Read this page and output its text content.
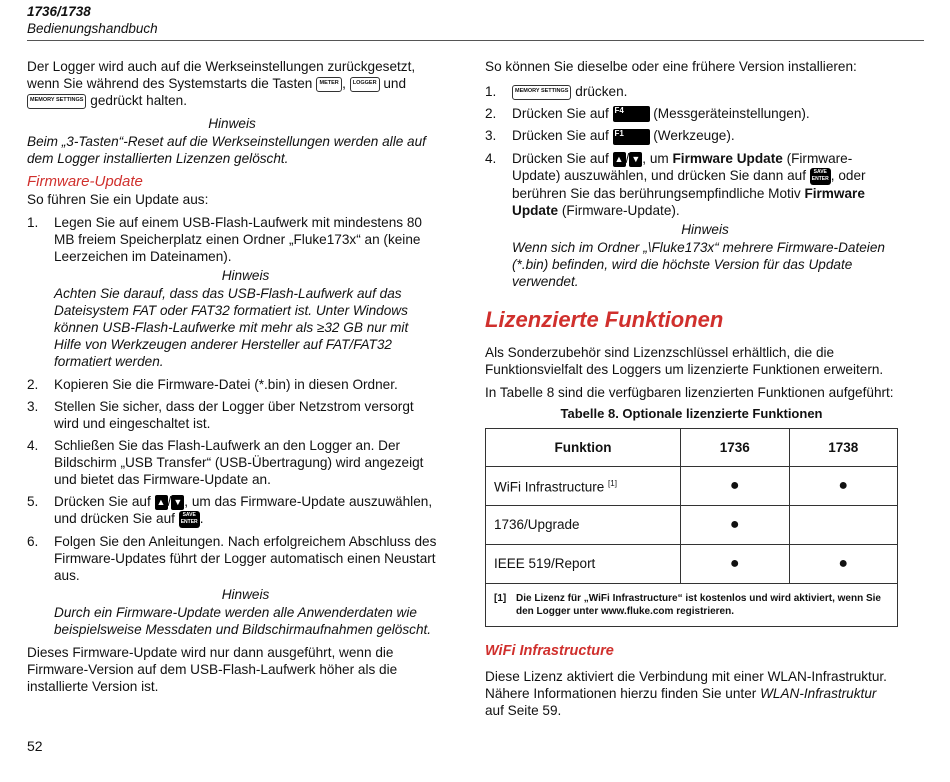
1736/1738
Bedienungshandbuch

Der Logger wird auch auf die Werkseinstellungen zurückgesetzt, wenn Sie während des Systemstarts die Tasten METER , LOGGER und MEMORY SETTINGS gedrückt halten.

Hinweis
Beim „3-Tasten“-Reset auf die Werkseinstellungen werden alle auf dem Logger installierten Lizenzen gelöscht.
Firmware-Update

So führen Sie ein Update aus:

1. Legen Sie auf einem USB-Flash-Laufwerk mit mindestens 80 MB freiem Speicherplatz einen Ordner „Fluke173x“ an (keine Leerzeichen im Dateinamen).
Hinweis
Achten Sie darauf, dass das USB-Flash-Laufwerk auf das Dateisystem FAT oder FAT32 formatiert ist. Unter Windows können USB-Flash-Laufwerke mit mehr als ≥32 GB nur mit Hilfe von Werkzeugen anderer Hersteller auf FAT/FAT32 formatiert werden.
2. Kopieren Sie die Firmware-Datei (*.bin) in diesen Ordner.
3. Stellen Sie sicher, dass der Logger über Netzstrom versorgt wird und eingeschaltet ist.
4. Schließen Sie das Flash-Laufwerk an den Logger an. Der Bildschirm „USB Transfer“ (USB-Übertragung) wird angezeigt und bietet das Firmware-Update an.
5. Drücken Sie auf ▲ / ▼ , um das Firmware-Update auszuwählen, und drücken Sie auf SAVE ENTER .
6. Folgen Sie den Anleitungen. Nach erfolgreichem Abschluss des Firmware-Updates führt der Logger automatisch einen Neustart aus.
Hinweis
Durch ein Firmware-Update werden alle Anwenderdaten wie beispielsweise Messdaten und Bildschirmaufnahmen gelöscht.

Dieses Firmware-Update wird nur dann ausgeführt, wenn die Firmware-Version auf dem USB-Flash-Laufwerk höher als die installierte Version ist.

So können Sie dieselbe oder eine frühere Version installieren:

1.	MEMORY SETTINGS drücken.
2. Drücken Sie auf F4 (Messgeräteinstellungen).
3. Drücken Sie auf F1 (Werkzeuge).
4. Drücken Sie auf ▲ / ▼ , um Firmware Update (Firmware-Update) auszuwählen, und drücken Sie dann auf SAVE ENTER , oder berühren Sie das berührungsempfindliche Motiv Firmware Update (Firmware-Update).
Hinweis
Wenn sich im Ordner „\Fluke173x“ mehrere Firmware-Dateien (*.bin) befinden, wird die höchste Version für das Update verwendet.
Lizenzierte Funktionen

Als Sonderzubehör sind Lizenzschlüssel erhältlich, die die Funktionsvielfalt des Loggers um lizenzierte Funktionen erweitern.

In Tabelle 8 sind die verfügbaren lizenzierten Funktionen aufgeführt:

Tabelle 8. Optionale lizenzierte Funktionen
Funktion	1736	1738
WiFi Infrastructure [1]	●	●
1736/Upgrade	●	
IEEE 519/Report	●	●
[1] Die Lizenz für „WiFi Infrastructure“ ist kostenlos und wird aktiviert, wenn Sie den Logger unter www.fluke.com registrieren.
WiFi Infrastructure

Diese Lizenz aktiviert die Verbindung mit einer WLAN-Infrastruktur. Nähere Informationen hierzu finden Sie unter WLAN-Infrastruktur auf Seite 59.

52
